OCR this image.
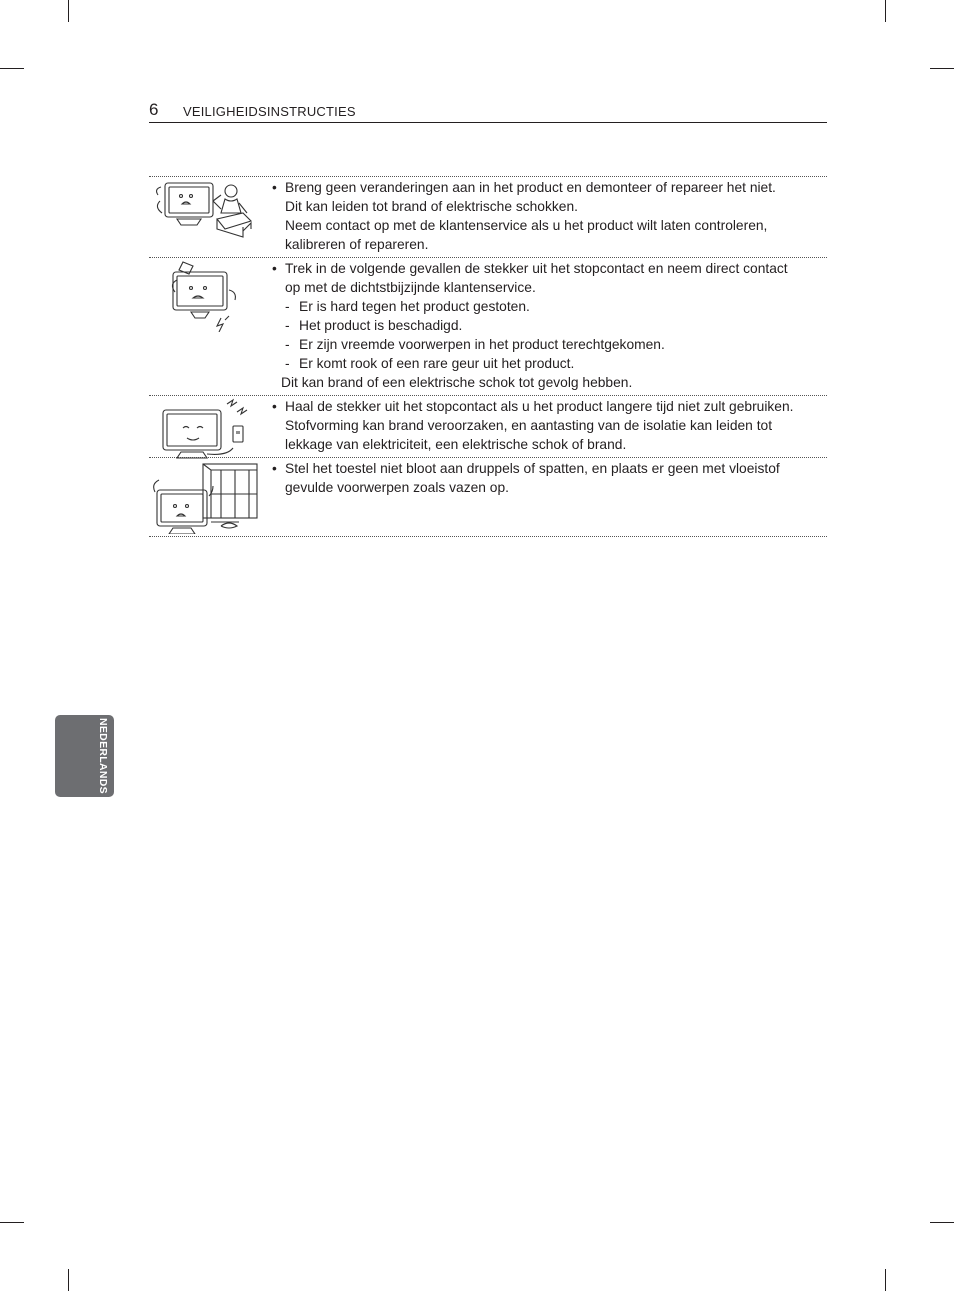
6 VEILIGHEIDSINSTRUCTIES
• Breng geen veranderingen aan in het product en demonteer of repareer het niet.
Dit kan leiden tot brand of elektrische schokken.
Neem contact op met de klantenservice als u het product wilt laten controleren,
kalibreren of repareren.
• Trek in de volgende gevallen de stekker uit het stopcontact en neem direct contact
op met de dichtstbijzijnde klantenservice.
- Er is hard tegen het product gestoten.
- Het product is beschadigd.
- Er zijn vreemde voorwerpen in het product terechtgekomen.
- Er komt rook of een rare geur uit het product.
Dit kan brand of een elektrische schok tot gevolg hebben.
• Haal de stekker uit het stopcontact als u het product langere tijd niet zult gebruiken.
Stofvorming kan brand veroorzaken, en aantasting van de isolatie kan leiden tot
lekkage van elektriciteit, een elektrische schok of brand.
• Stel het toestel niet bloot aan druppels of spatten, en plaats er geen met vloeistof
gevulde voorwerpen zoals vazen op.
NEDERLANDS
